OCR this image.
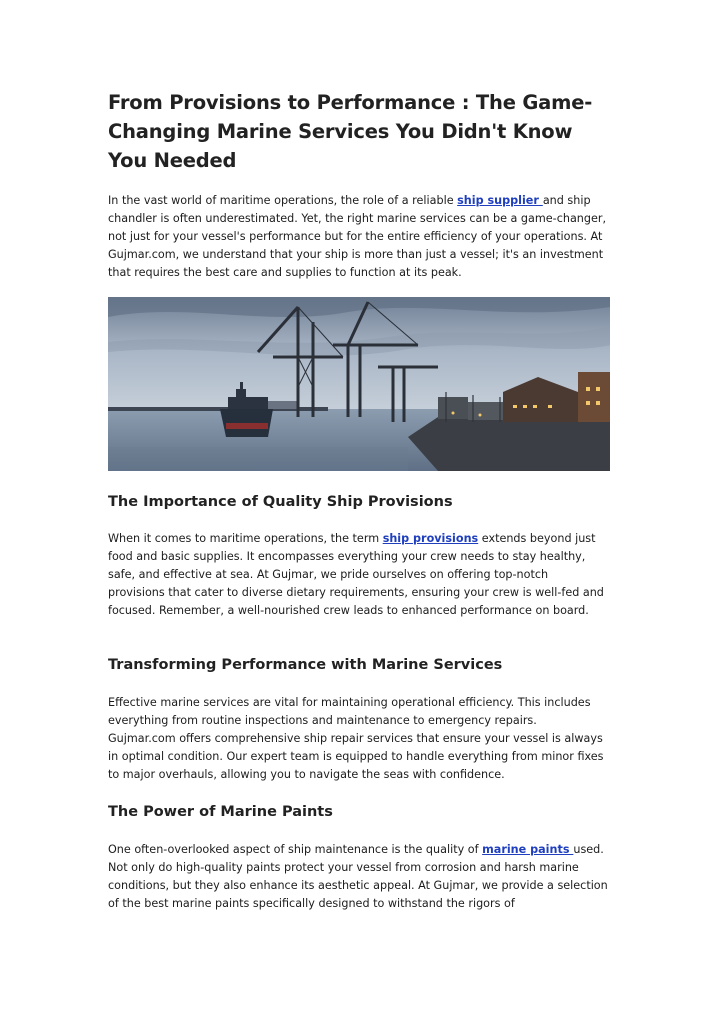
From Provisions to Performance : The Game-Changing Marine Services You Didn't Know You Needed

In the vast world of maritime operations, the role of a reliable ship supplier and ship chandler is often underestimated. Yet, the right marine services can be a game-changer, not just for your vessel's performance but for the entire efficiency of your operations. At Gujmar.com, we understand that your ship is more than just a vessel; it's an investment that requires the best care and supplies to function at its peak.

The Importance of Quality Ship Provisions

When it comes to maritime operations, the term ship provisions extends beyond just food and basic supplies. It encompasses everything your crew needs to stay healthy, safe, and effective at sea. At Gujmar, we pride ourselves on offering top-notch provisions that cater to diverse dietary requirements, ensuring your crew is well-fed and focused. Remember, a well-nourished crew leads to enhanced performance on board.

Transforming Performance with Marine Services

Effective marine services are vital for maintaining operational efficiency. This includes everything from routine inspections and maintenance to emergency repairs. Gujmar.com offers comprehensive ship repair services that ensure your vessel is always in optimal condition. Our expert team is equipped to handle everything from minor fixes to major overhauls, allowing you to navigate the seas with confidence.

The Power of Marine Paints

One often-overlooked aspect of ship maintenance is the quality of marine paints used. Not only do high-quality paints protect your vessel from corrosion and harsh marine conditions, but they also enhance its aesthetic appeal. At Gujmar, we provide a selection of the best marine paints specifically designed to withstand the rigors of
